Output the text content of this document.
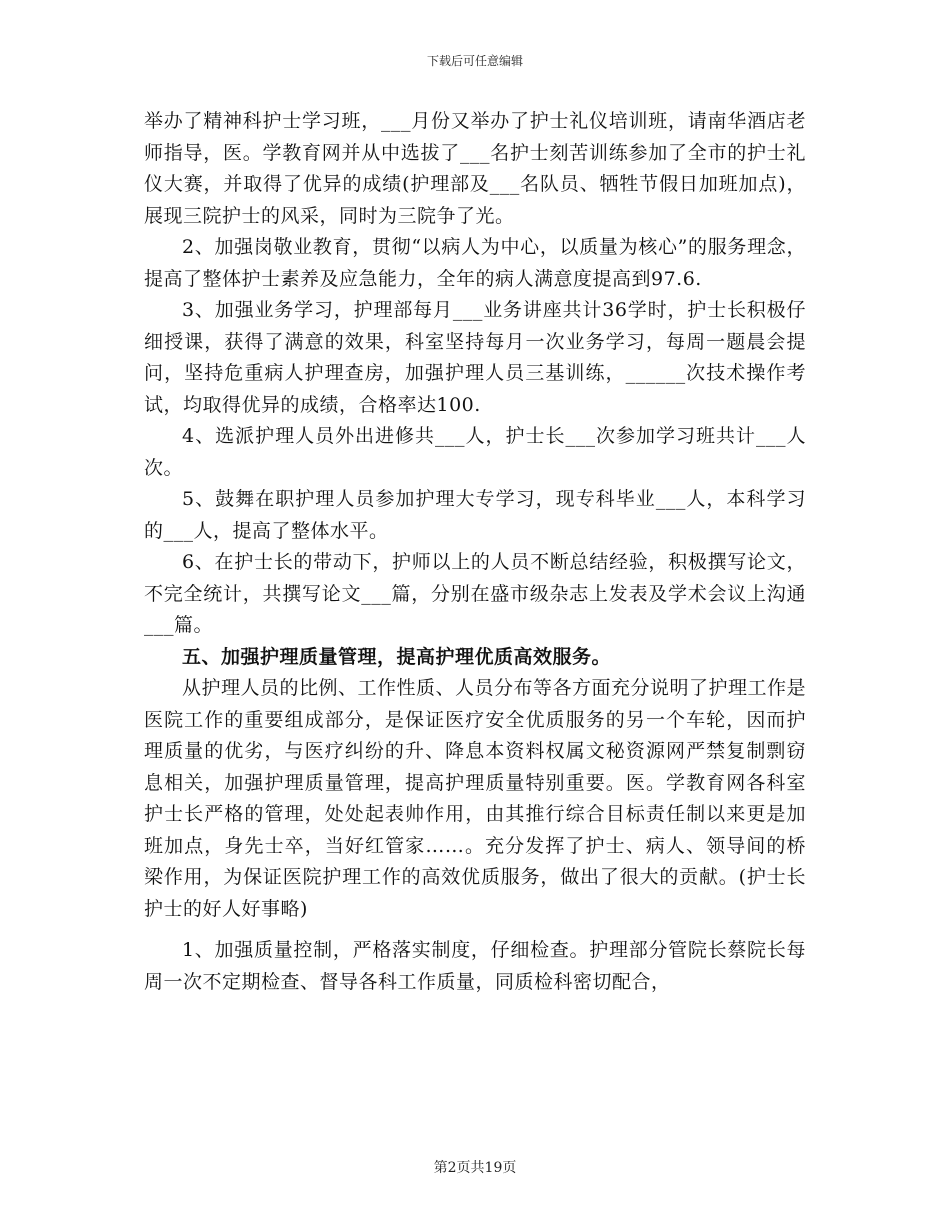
下载后可任意编辑

举办了精神科护士学习班，___月份又举办了护士礼仪培训班，请南华酒店老师指导，医。学教育网并从中选拔了___名护士刻苦训练参加了全市的护士礼仪大赛，并取得了优异的成绩(护理部及___名队员、牺牲节假日加班加点)，展现三院护士的风采，同时为三院争了光。

2、加强岗敬业教育，贯彻“以病人为中心，以质量为核心”的服务理念，提高了整体护士素养及应急能力，全年的病人满意度提高到97.6.

3、加强业务学习，护理部每月___业务讲座共计36学时，护士长积极仔细授课，获得了满意的效果，科室坚持每月一次业务学习，每周一题晨会提问，坚持危重病人护理查房，加强护理人员三基训练，______次技术操作考试，均取得优异的成绩，合格率达100.

4、选派护理人员外出进修共___人，护士长___次参加学习班共计___人次。

5、鼓舞在职护理人员参加护理大专学习，现专科毕业___人，本科学习的___人，提高了整体水平。

6、在护士长的带动下，护师以上的人员不断总结经验，积极撰写论文，不完全统计，共撰写论文___篇，分别在盛市级杂志上发表及学术会议上沟通___篇。

五、加强护理质量管理，提高护理优质高效服务。

从护理人员的比例、工作性质、人员分布等各方面充分说明了护理工作是医院工作的重要组成部分，是保证医疗安全优质服务的另一个车轮，因而护理质量的优劣，与医疗纠纷的升、降息本资料权属文秘资源网严禁复制剽窃息相关，加强护理质量管理，提高护理质量特别重要。医。学教育网各科室护士长严格的管理，处处起表帅作用，由其推行综合目标责任制以来更是加班加点，身先士卒，当好红管家……。充分发挥了护士、病人、领导间的桥梁作用，为保证医院护理工作的高效优质服务，做出了很大的贡献。(护士长护士的好人好事略)

1、加强质量控制，严格落实制度，仔细检查。护理部分管院长蔡院长每周一次不定期检查、督导各科工作质量，同质检科密切配合，

第2页共19页
